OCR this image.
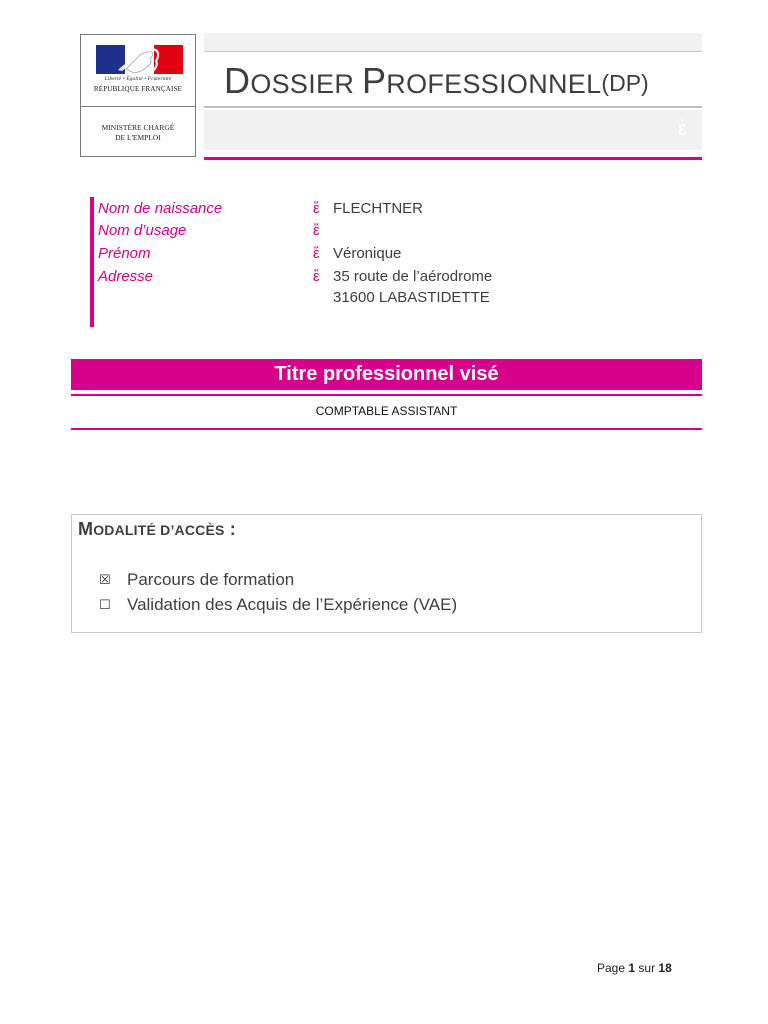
Liberté • Égalité • Fraternité
RÉPUBLIQUE FRANÇAISE
MINISTÈRE CHARGÉ
DE L'EMPLOI
DOSSIER $PROFESSIONNEL^{(DP)}$
ἐ
Nom de naissance	ἕ FLECHTNER
Nom d’usage	ἕ
Prénom	ἕ Véronique
Adresse	ἕ 35 route de l’aérodrome
31600 LABASTIDETTE
Titre professionnel visé
COMPTABLE ASSISTANT
MODALITÉ D’ACCÈS :
☒ Parcours de formation
☐ Validation des Acquis de l’Expérience (VAE)
Page 1 sur 18
